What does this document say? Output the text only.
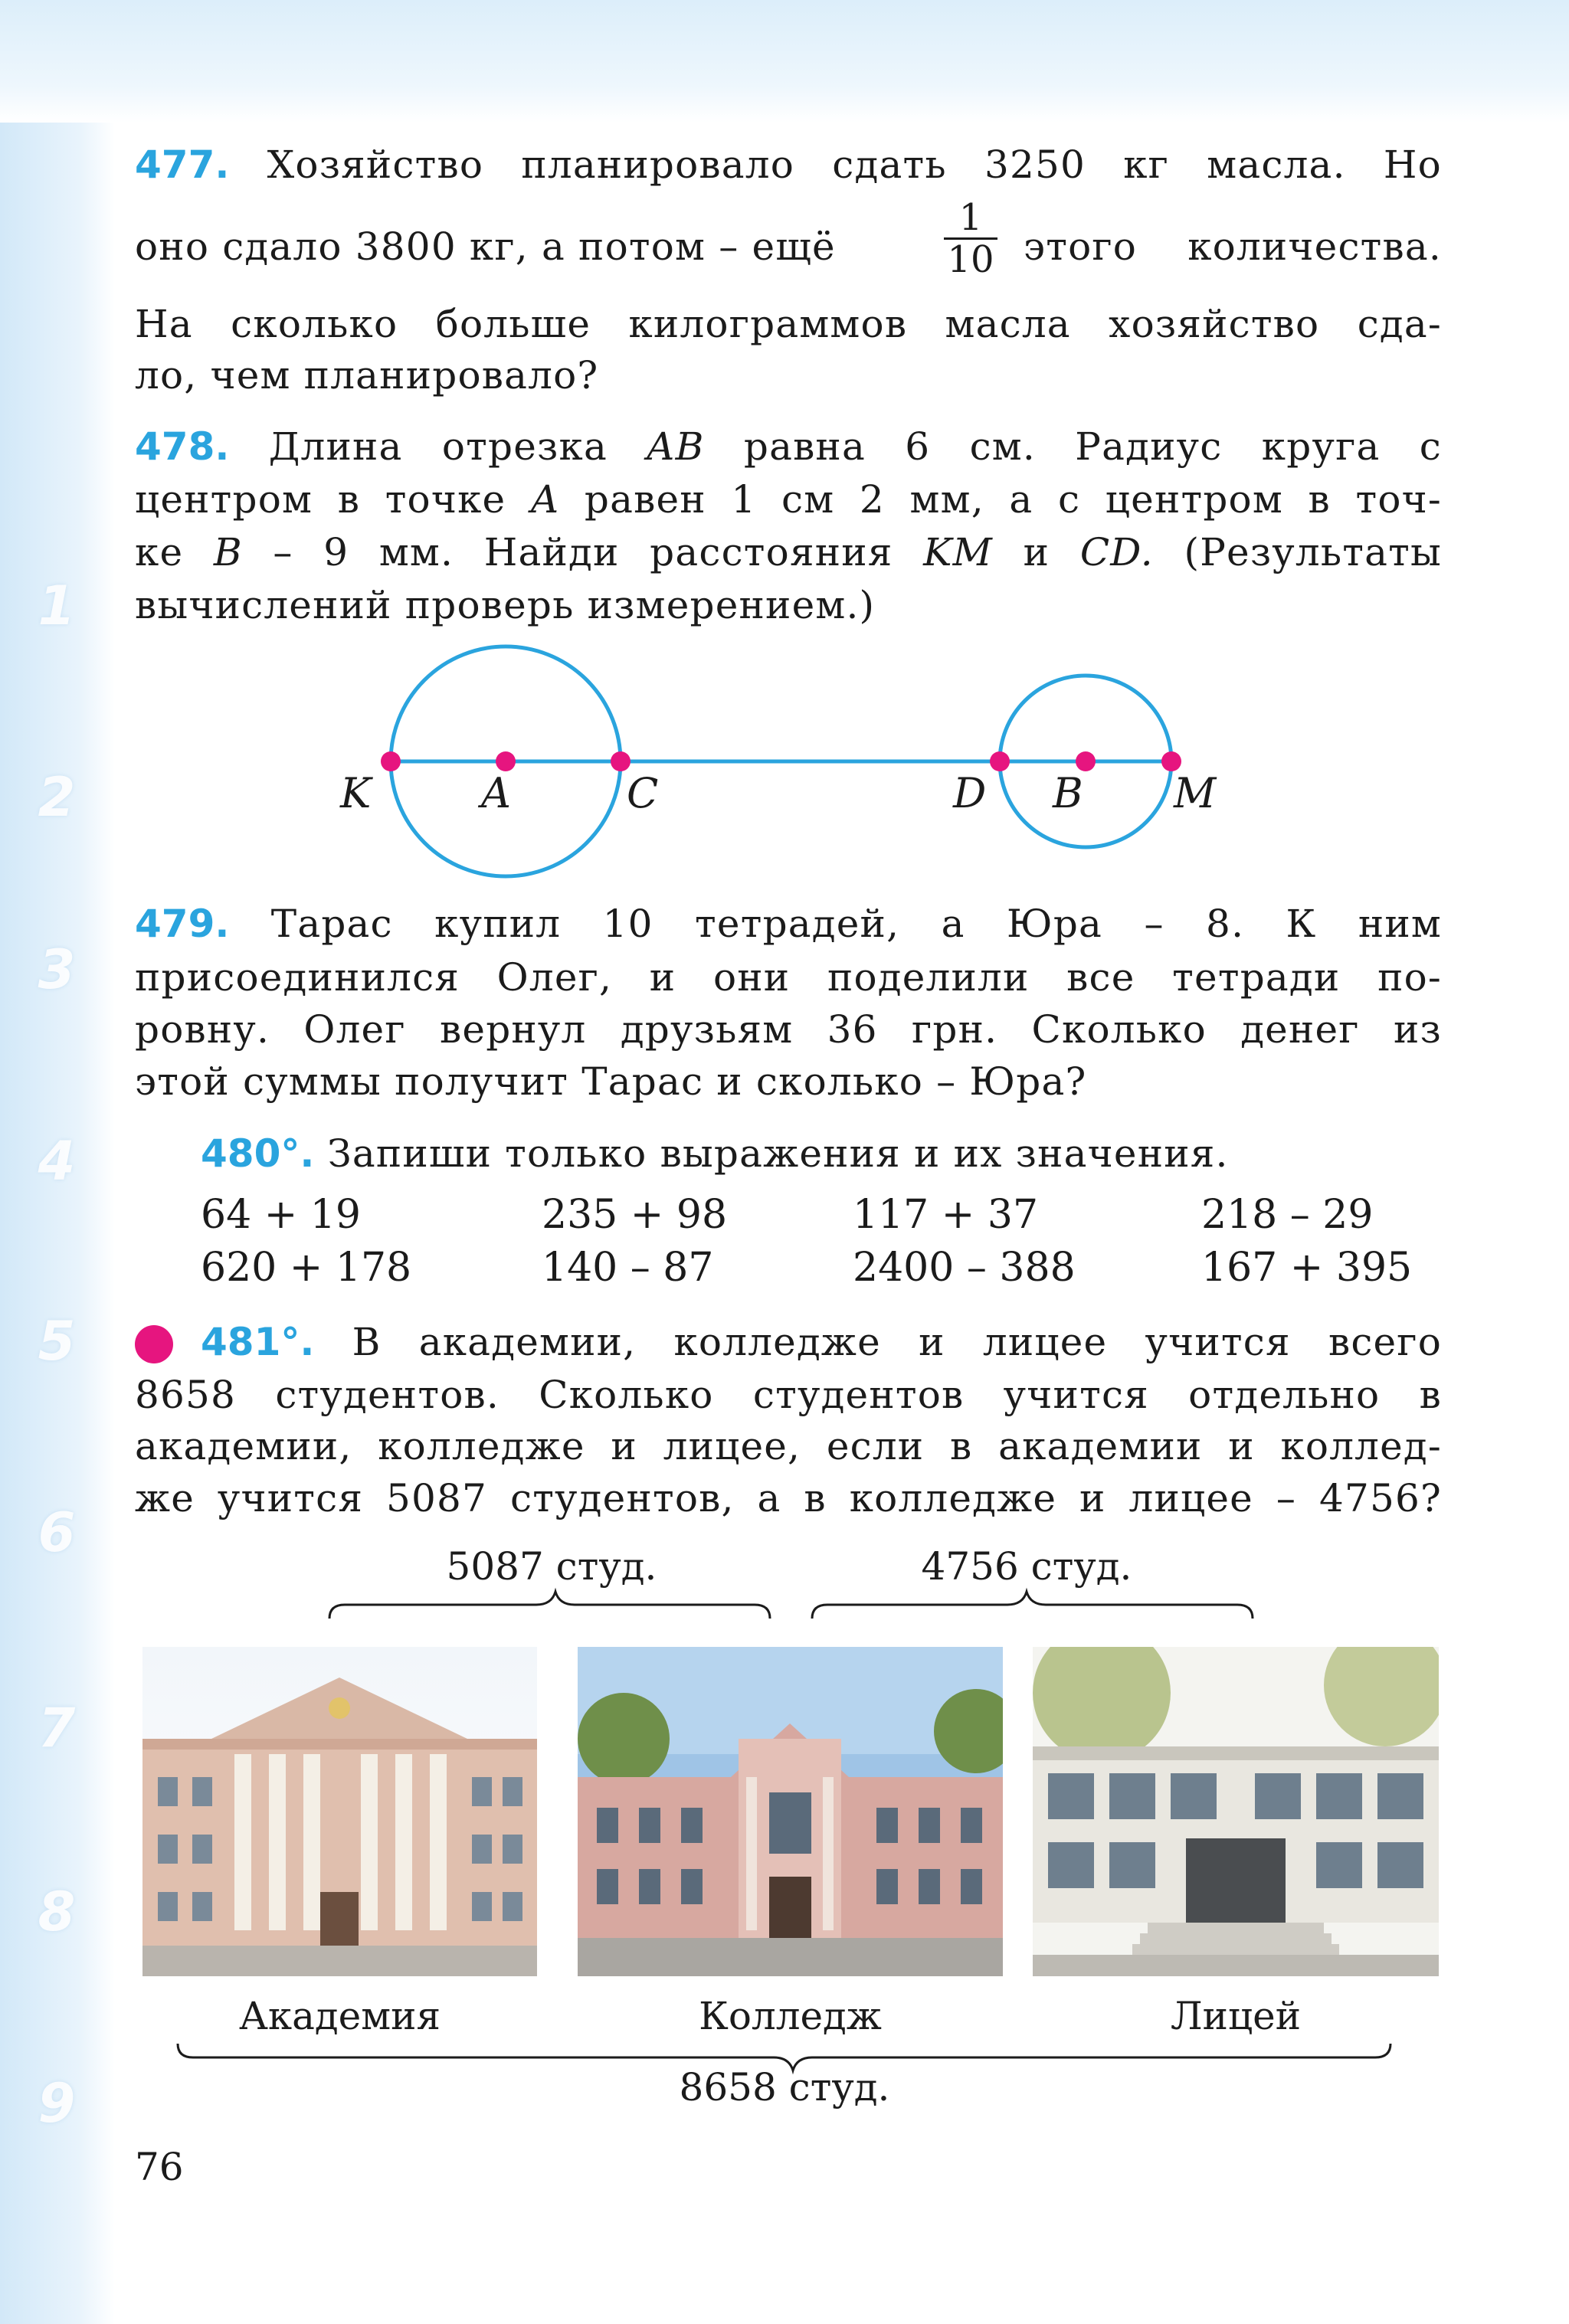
1
2
3
4
5
6
7
8
9
477. Хозяйство планировало сдать 3250 кг масла. Но
оно сдало 3800 кг, а потом – ещё	$\frac{1}{10}$ этого количества.
На сколько больше килограммов масла хозяйство сда-
ло, чем планировало?
478. Длина отрезка AB равна 6 см. Радиус круга с
центром в точке A равен 1 см 2 мм, а с центром в точ-
ке B – 9 мм. Найди расстояния KM и CD. (Результаты
вычислений проверь измерением.)
K	A	C	D B M
479. Тарас купил 10 тетрадей, а Юра – 8. К ним
присоединился Олег, и они поделили все тетради по-
ровну. Олег вернул друзьям 36 грн. Сколько денег из
этой суммы получит Тарас и сколько – Юра?
480°. Запиши только выражения и их значения.
64 + 19	235 + 98	117 + 37	218 – 29
620 + 178	140 – 87	2400 – 388	167 + 395
481°. В академии, колледже и лицее учится всего
8658 студентов. Сколько студентов учится отдельно в
академии, колледже и лицее, если в академии и коллед-
же учится 5087 студентов, а в колледже и лицее – 4756?
5087 студ.	4756 студ.
Академия	Колледж	Лицей
8658 студ.
76
